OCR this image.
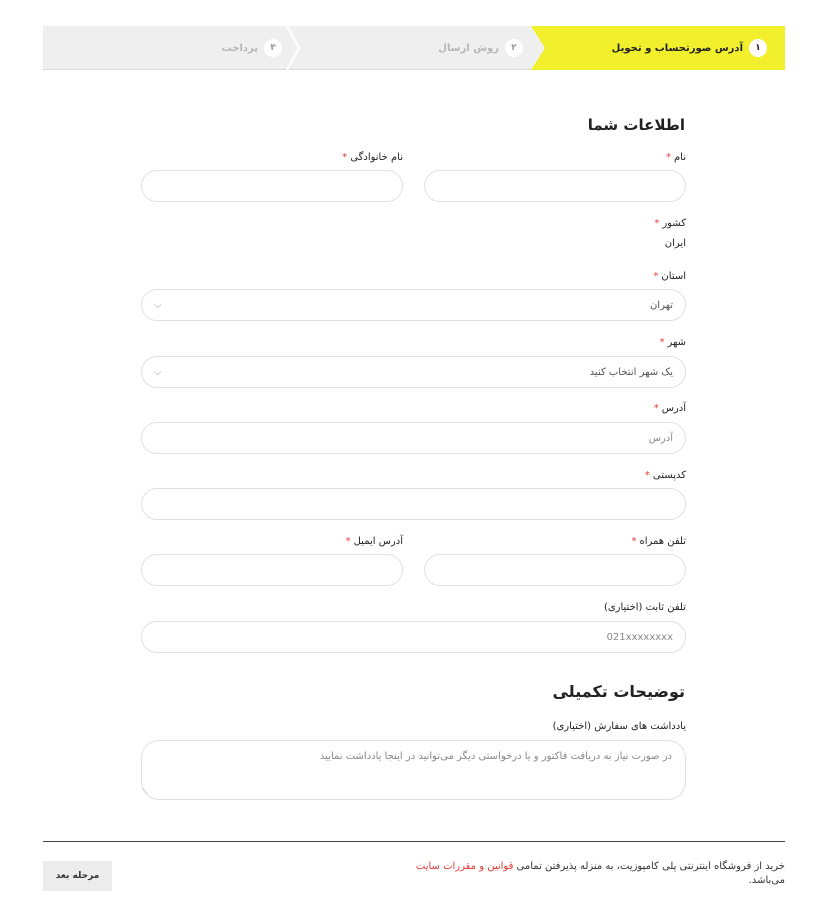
۱
آدرس صورتحساب و تحویل
۲
روش ارسال
۳
پرداخت
اطلاعات شما
نام*
نام خانوادگی*
کشور*
ایران
استان*
تهران
⌵
شهر*
یک شهر انتخاب کنید
⌵
آدرس*
آدرس
کدپستی*
تلفن همراه*
آدرس ایمیل*
تلفن ثابت (اختیاری)
021xxxxxxxx
توضیحات تکمیلی
یادداشت های سفارش (اختیاری)
در صورت نیاز به دریافت فاکتور و یا درخواستی دیگر می‌توانید در اینجا یادداشت نمایید
⟋
خرید از فروشگاه اینترنتی پلی کامپوزیت، به منزله پذیرفتن تمامی قوانین و مقررات سایت می‌باشد.
مرحله بعد
